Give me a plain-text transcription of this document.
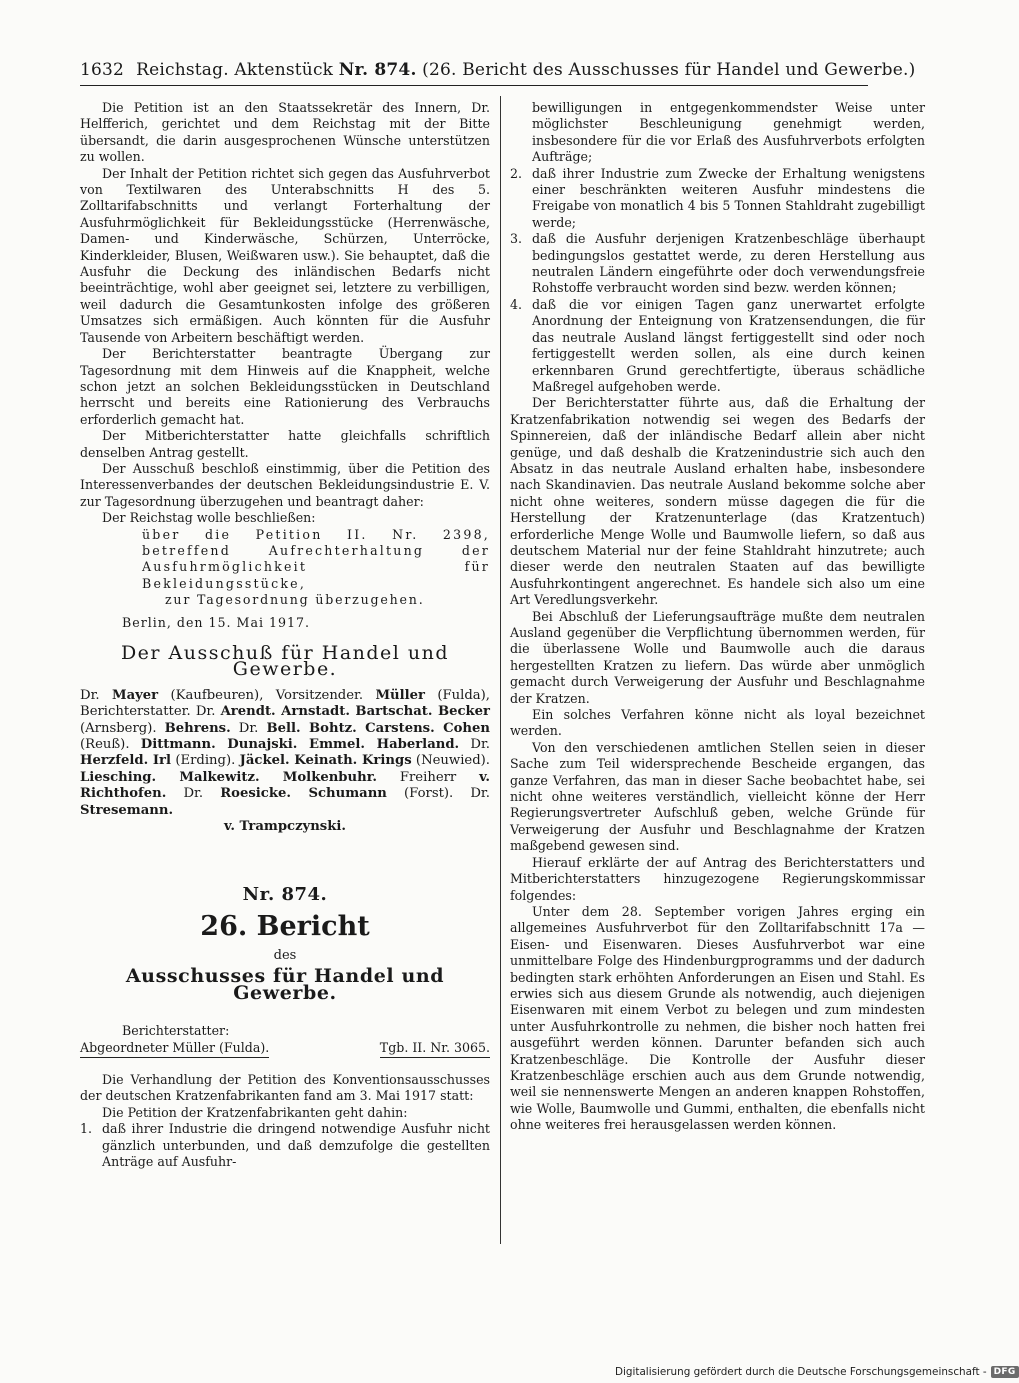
1632 Reichstag. Aktenstück Nr. 874. (26. Bericht des Ausschusses für Handel und Gewerbe.)

Die Petition ist an den Staatssekretär des Innern, Dr. Helfferich, gerichtet und dem Reichstag mit der Bitte übersandt, die darin ausgesprochenen Wünsche unterstützen zu wollen.

Der Inhalt der Petition richtet sich gegen das Ausfuhrverbot von Textilwaren des Unterabschnitts H des 5. Zolltarifabschnitts und verlangt Forterhaltung der Ausfuhrmöglichkeit für Bekleidungsstücke (Herrenwäsche, Damen- und Kinderwäsche, Schürzen, Unterröcke, Kinderkleider, Blusen, Weißwaren usw.). Sie behauptet, daß die Ausfuhr die Deckung des inländischen Bedarfs nicht beeinträchtige, wohl aber geeignet sei, letztere zu verbilligen, weil dadurch die Gesamtunkosten infolge des größeren Umsatzes sich ermäßigen. Auch könnten für die Ausfuhr Tausende von Arbeitern beschäftigt werden.

Der Berichterstatter beantragte Übergang zur Tagesordnung mit dem Hinweis auf die Knappheit, welche schon jetzt an solchen Bekleidungsstücken in Deutschland herrscht und bereits eine Rationierung des Verbrauchs erforderlich gemacht hat.

Der Mitberichterstatter hatte gleichfalls schriftlich denselben Antrag gestellt.

Der Ausschuß beschloß einstimmig, über die Petition des Interessenverbandes der deutschen Bekleidungsindustrie E. V. zur Tagesordnung überzugehen und beantragt daher:

Der Reichstag wolle beschließen:

über die Petition II. Nr. 2398, betreffend Aufrechterhaltung der Ausfuhrmöglichkeit für Bekleidungsstücke,

zur Tagesordnung überzugehen.

Berlin, den 15. Mai 1917.

Der Ausschuß für Handel und Gewerbe.

Dr. Mayer (Kaufbeuren), Vorsitzender. Müller (Fulda), Berichterstatter. Dr. Arendt. Arnstadt. Bartschat. Becker (Arnsberg). Behrens. Dr. Bell. Bohtz. Carstens. Cohen (Reuß). Dittmann. Dunajski. Emmel. Haberland. Dr. Herzfeld. Irl (Erding). Jäckel. Keinath. Krings (Neuwied). Liesching. Malkewitz. Molkenbuhr. Freiherr v. Richthofen. Dr. Roesicke. Schumann (Forst). Dr. Stresemann.
v. Trampczynski.

Nr. 874.

26. Bericht

des

Ausschusses für Handel und Gewerbe.

Berichterstatter:

Abgeordneter Müller (Fulda).	Tgb. II. Nr. 3065.

Die Verhandlung der Petition des Konventionsausschusses der deutschen Kratzenfabrikanten fand am 3. Mai 1917 statt:

Die Petition der Kratzenfabrikanten geht dahin:

1. daß ihrer Industrie die dringend notwendige Ausfuhr nicht gänzlich unterbunden, und daß demzufolge die gestellten Anträge auf Ausfuhr-

bewilligungen in entgegenkommendster Weise unter möglichster Beschleunigung genehmigt werden, insbesondere für die vor Erlaß des Ausfuhrverbots erfolgten Aufträge;

2. daß ihrer Industrie zum Zwecke der Erhaltung wenigstens einer beschränkten weiteren Ausfuhr mindestens die Freigabe von monatlich 4 bis 5 Tonnen Stahldraht zugebilligt werde;
3. daß die Ausfuhr derjenigen Kratzenbeschläge überhaupt bedingungslos gestattet werde, zu deren Herstellung aus neutralen Ländern eingeführte oder doch verwendungsfreie Rohstoffe verbraucht worden sind bezw. werden können;
4. daß die vor einigen Tagen ganz unerwartet erfolgte Anordnung der Enteignung von Kratzensendungen, die für das neutrale Ausland längst fertiggestellt sind oder noch fertiggestellt werden sollen, als eine durch keinen erkennbaren Grund gerechtfertigte, überaus schädliche Maßregel aufgehoben werde.

Der Berichterstatter führte aus, daß die Erhaltung der Kratzenfabrikation notwendig sei wegen des Bedarfs der Spinnereien, daß der inländische Bedarf allein aber nicht genüge, und daß deshalb die Kratzenindustrie sich auch den Absatz in das neutrale Ausland erhalten habe, insbesondere nach Skandinavien. Das neutrale Ausland bekomme solche aber nicht ohne weiteres, sondern müsse dagegen die für die Herstellung der Kratzenunterlage (das Kratzentuch) erforderliche Menge Wolle und Baumwolle liefern, so daß aus deutschem Material nur der feine Stahldraht hinzutrete; auch dieser werde den neutralen Staaten auf das bewilligte Ausfuhrkontingent angerechnet. Es handele sich also um eine Art Veredlungsverkehr.

Bei Abschluß der Lieferungsaufträge mußte dem neutralen Ausland gegenüber die Verpflichtung übernommen werden, für die überlassene Wolle und Baumwolle auch die daraus hergestellten Kratzen zu liefern. Das würde aber unmöglich gemacht durch Verweigerung der Ausfuhr und Beschlagnahme der Kratzen.

Ein solches Verfahren könne nicht als loyal bezeichnet werden.

Von den verschiedenen amtlichen Stellen seien in dieser Sache zum Teil widersprechende Bescheide ergangen, das ganze Verfahren, das man in dieser Sache beobachtet habe, sei nicht ohne weiteres verständlich, vielleicht könne der Herr Regierungsvertreter Aufschluß geben, welche Gründe für Verweigerung der Ausfuhr und Beschlagnahme der Kratzen maßgebend gewesen sind.

Hierauf erklärte der auf Antrag des Berichterstatters und Mitberichterstatters hinzugezogene Regierungskommissar folgendes:

Unter dem 28. September vorigen Jahres erging ein allgemeines Ausfuhrverbot für den Zolltarifabschnitt 17a — Eisen- und Eisenwaren. Dieses Ausfuhrverbot war eine unmittelbare Folge des Hindenburgprogramms und der dadurch bedingten stark erhöhten Anforderungen an Eisen und Stahl. Es erwies sich aus diesem Grunde als notwendig, auch diejenigen Eisenwaren mit einem Verbot zu belegen und zum mindesten unter Ausfuhrkontrolle zu nehmen, die bisher noch hatten frei ausgeführt werden können. Darunter befanden sich auch Kratzenbeschläge. Die Kontrolle der Ausfuhr dieser Kratzenbeschläge erschien auch aus dem Grunde notwendig, weil sie nennenswerte Mengen an anderen knappen Rohstoffen, wie Wolle, Baumwolle und Gummi, enthalten, die ebenfalls nicht ohne weiteres frei herausgelassen werden können.

Digitalisierung gefördert durch die Deutsche Forschungsgemeinschaft - DFG
